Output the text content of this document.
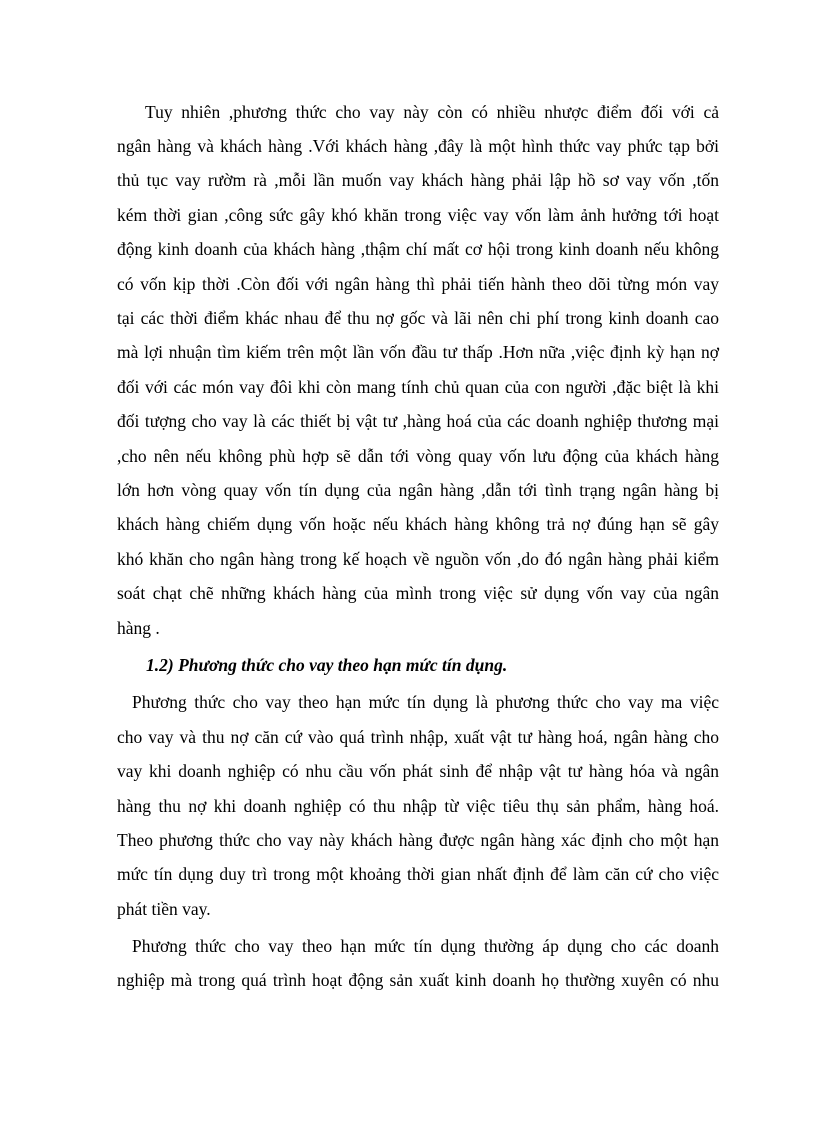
Tuy nhiên ,phương thức cho vay này còn có nhiều nhược điểm đối với cả
ngân hàng và khách hàng .Với khách hàng ,đây là một hình thức vay phức tạp bởi
thủ tục vay rườm rà ,mỗi lần muốn vay khách hàng phải lập hồ sơ vay vốn ,tốn
kém thời gian ,công sức gây khó khăn trong việc vay vốn làm ảnh hưởng tới hoạt
động kinh doanh của khách hàng ,thậm chí mất cơ hội trong kinh doanh nếu không
có vốn kịp thời .Còn đối với ngân hàng thì phải tiến hành theo dõi từng món vay
tại các thời điểm khác nhau để thu nợ gốc và lãi nên chi phí trong kinh doanh cao
mà lợi nhuận tìm kiếm trên một lần vốn đầu tư thấp .Hơn nữa ,việc định kỳ hạn nợ
đối với các món vay đôi khi còn mang tính chủ quan của con người ,đặc biệt là khi
đối tượng cho vay là các thiết bị vật tư ,hàng hoá của các doanh nghiệp thương mại
,cho nên nếu không phù hợp sẽ dẫn tới vòng quay vốn lưu động của khách hàng
lớn hơn vòng quay vốn tín dụng của ngân hàng ,dẫn tới tình trạng ngân hàng bị
khách hàng chiếm dụng vốn hoặc nếu khách hàng không trả nợ đúng hạn sẽ gây
khó khăn cho ngân hàng trong kế hoạch về nguồn vốn ,do đó ngân hàng phải kiểm
soát chạt chẽ những khách hàng của mình trong việc sử dụng vốn vay của ngân
hàng .
1.2) Phương thức cho vay theo hạn mức tín dụng.
Phương thức cho vay theo hạn mức tín dụng là phương thức cho vay ma việc
cho vay và thu nợ căn cứ vào quá trình nhập, xuất vật tư hàng hoá, ngân hàng cho
vay khi doanh nghiệp có nhu cầu vốn phát sinh để nhập vật tư hàng hóa và ngân
hàng thu nợ khi doanh nghiệp có thu nhập từ việc tiêu thụ sản phẩm, hàng hoá.
Theo phương thức cho vay này khách hàng được ngân hàng xác định cho một hạn
mức tín dụng duy trì trong một khoảng thời gian nhất định để làm căn cứ cho việc
phát tiền vay.
Phương thức cho vay theo hạn mức tín dụng thường áp dụng cho các doanh
nghiệp mà trong quá trình hoạt động sản xuất kinh doanh họ thường xuyên có nhu
